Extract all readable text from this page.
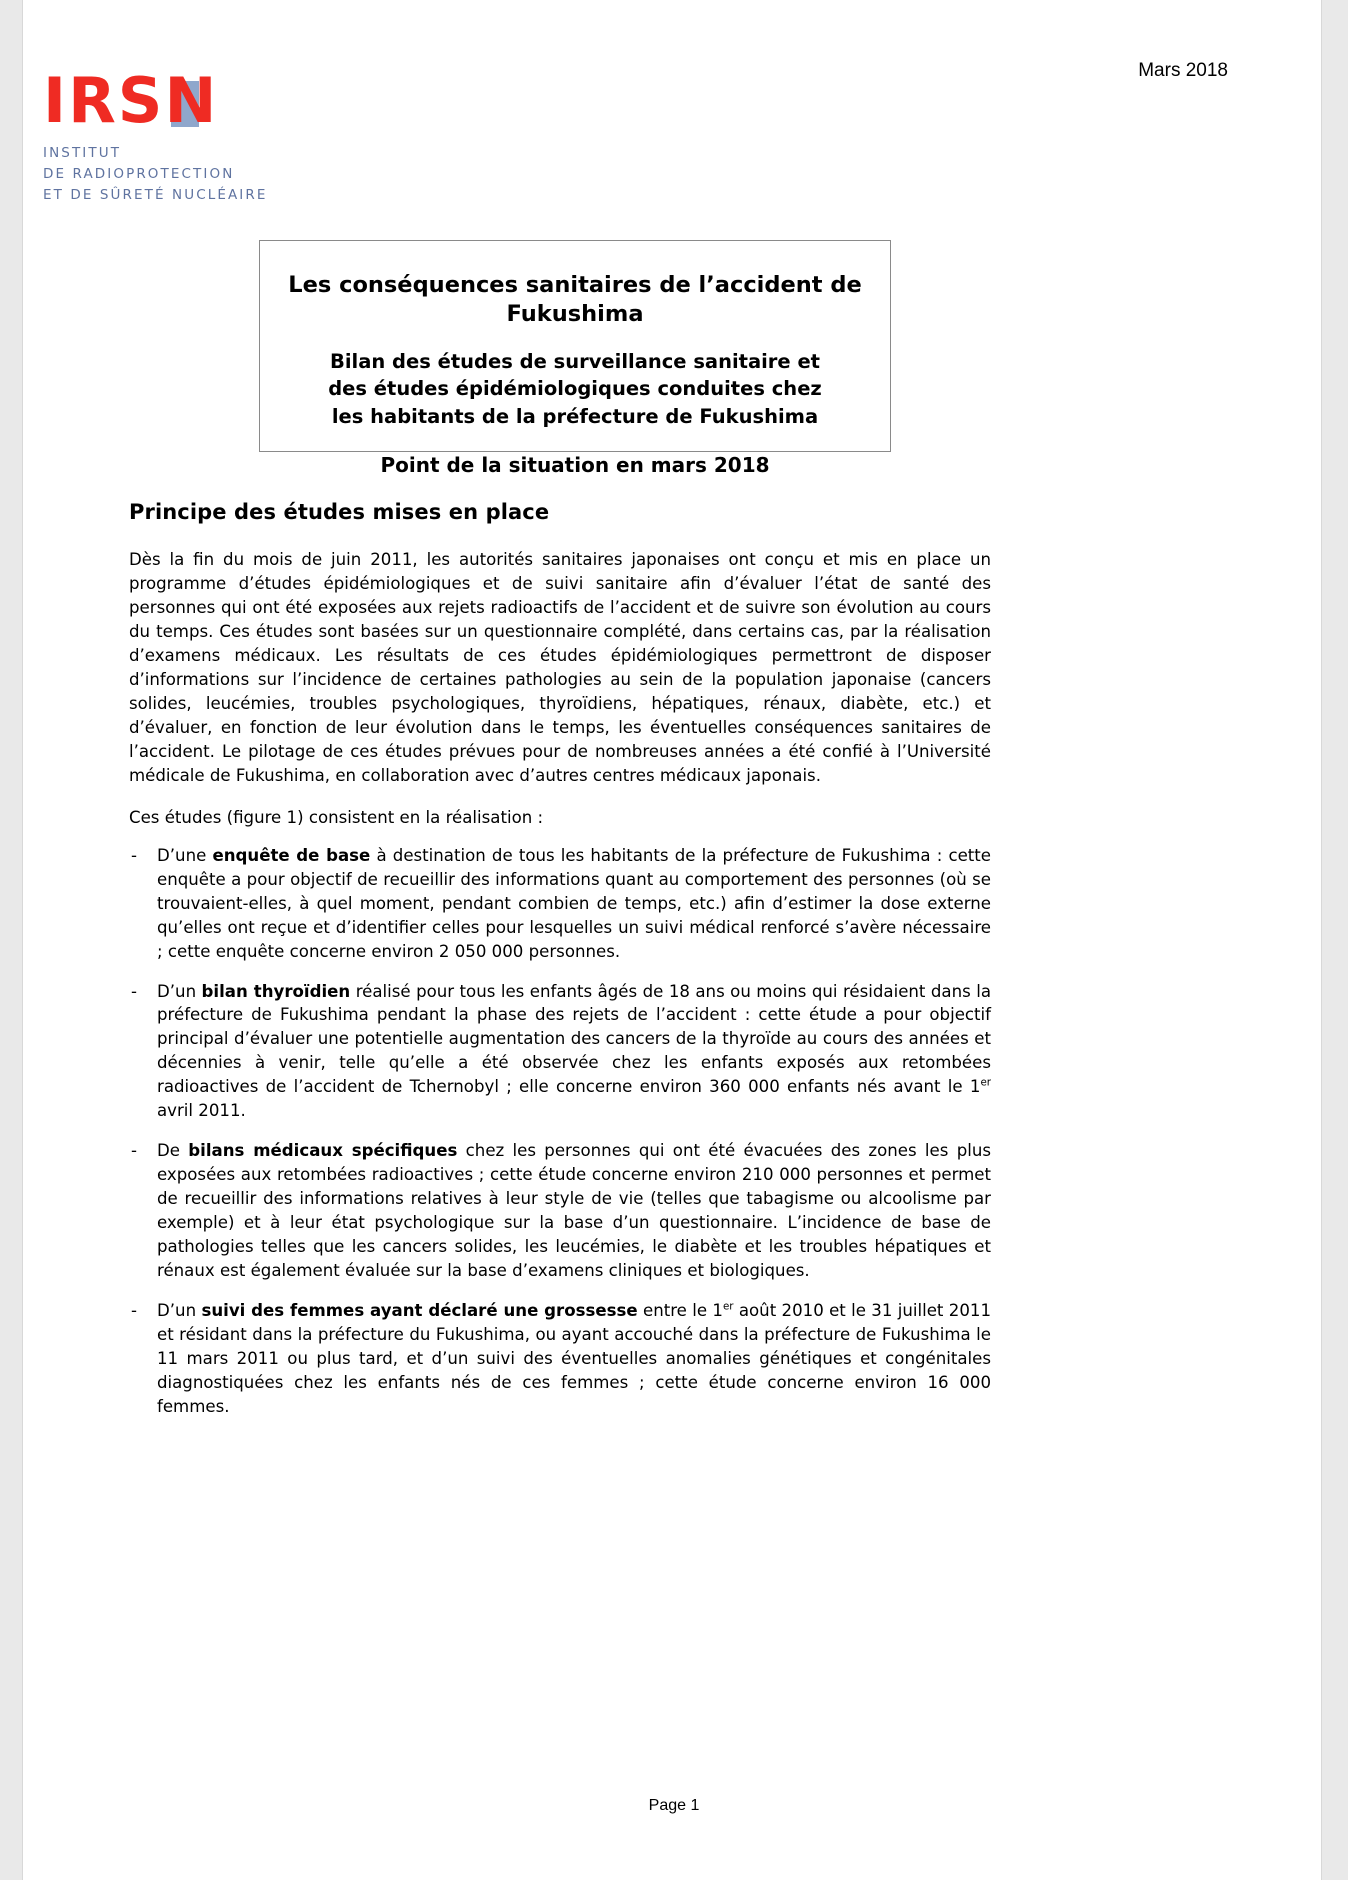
Mars 2018
IRS
N
INSTITUT
DE RADIOPROTECTION
ET DE SÛRETÉ NUCLÉAIRE
Les conséquences sanitaires de l’accident de Fukushima
Bilan des études de surveillance sanitaire et
des études épidémiologiques conduites chez
les habitants de la préfecture de Fukushima
Point de la situation en mars 2018
Principe des études mises en place

Dès la fin du mois de juin 2011, les autorités sanitaires japonaises ont conçu et mis en place un programme d’études épidémiologiques et de suivi sanitaire afin d’évaluer l’état de santé des personnes qui ont été exposées aux rejets radioactifs de l’accident et de suivre son évolution au cours du temps. Ces études sont basées sur un questionnaire complété, dans certains cas, par la réalisation d’examens médicaux. Les résultats de ces études épidémiologiques permettront de disposer d’informations sur l’incidence de certaines pathologies au sein de la population japonaise (cancers solides, leucémies, troubles psychologiques, thyroïdiens, hépatiques, rénaux, diabète, etc.) et d’évaluer, en fonction de leur évolution dans le temps, les éventuelles conséquences sanitaires de l’accident. Le pilotage de ces études prévues pour de nombreuses années a été confié à l’Université médicale de Fukushima, en collaboration avec d’autres centres médicaux japonais.

Ces études (figure 1) consistent en la réalisation :

- D’une enquête de base à destination de tous les habitants de la préfecture de Fukushima : cette enquête a pour objectif de recueillir des informations quant au comportement des personnes (où se trouvaient-elles, à quel moment, pendant combien de temps, etc.) afin d’estimer la dose externe qu’elles ont reçue et d’identifier celles pour lesquelles un suivi médical renforcé s’avère nécessaire ; cette enquête concerne environ 2 050 000 personnes.
- D’un bilan thyroïdien réalisé pour tous les enfants âgés de 18 ans ou moins qui résidaient dans la préfecture de Fukushima pendant la phase des rejets de l’accident : cette étude a pour objectif principal d’évaluer une potentielle augmentation des cancers de la thyroïde au cours des années et décennies à venir, telle qu’elle a été observée chez les enfants exposés aux retombées radioactives de l’accident de Tchernobyl ; elle concerne environ 360 000 enfants nés avant le 1er avril 2011.
- De bilans médicaux spécifiques chez les personnes qui ont été évacuées des zones les plus exposées aux retombées radioactives ; cette étude concerne environ 210 000 personnes et permet de recueillir des informations relatives à leur style de vie (telles que tabagisme ou alcoolisme par exemple) et à leur état psychologique sur la base d’un questionnaire. L’incidence de base de pathologies telles que les cancers solides, les leucémies, le diabète et les troubles hépatiques et rénaux est également évaluée sur la base d’examens cliniques et biologiques.
- D’un suivi des femmes ayant déclaré une grossesse entre le 1er août 2010 et le 31 juillet 2011 et résidant dans la préfecture du Fukushima, ou ayant accouché dans la préfecture de Fukushima le 11 mars 2011 ou plus tard, et d’un suivi des éventuelles anomalies génétiques et congénitales diagnostiquées chez les enfants nés de ces femmes ; cette étude concerne environ 16 000 femmes.
Page 1
